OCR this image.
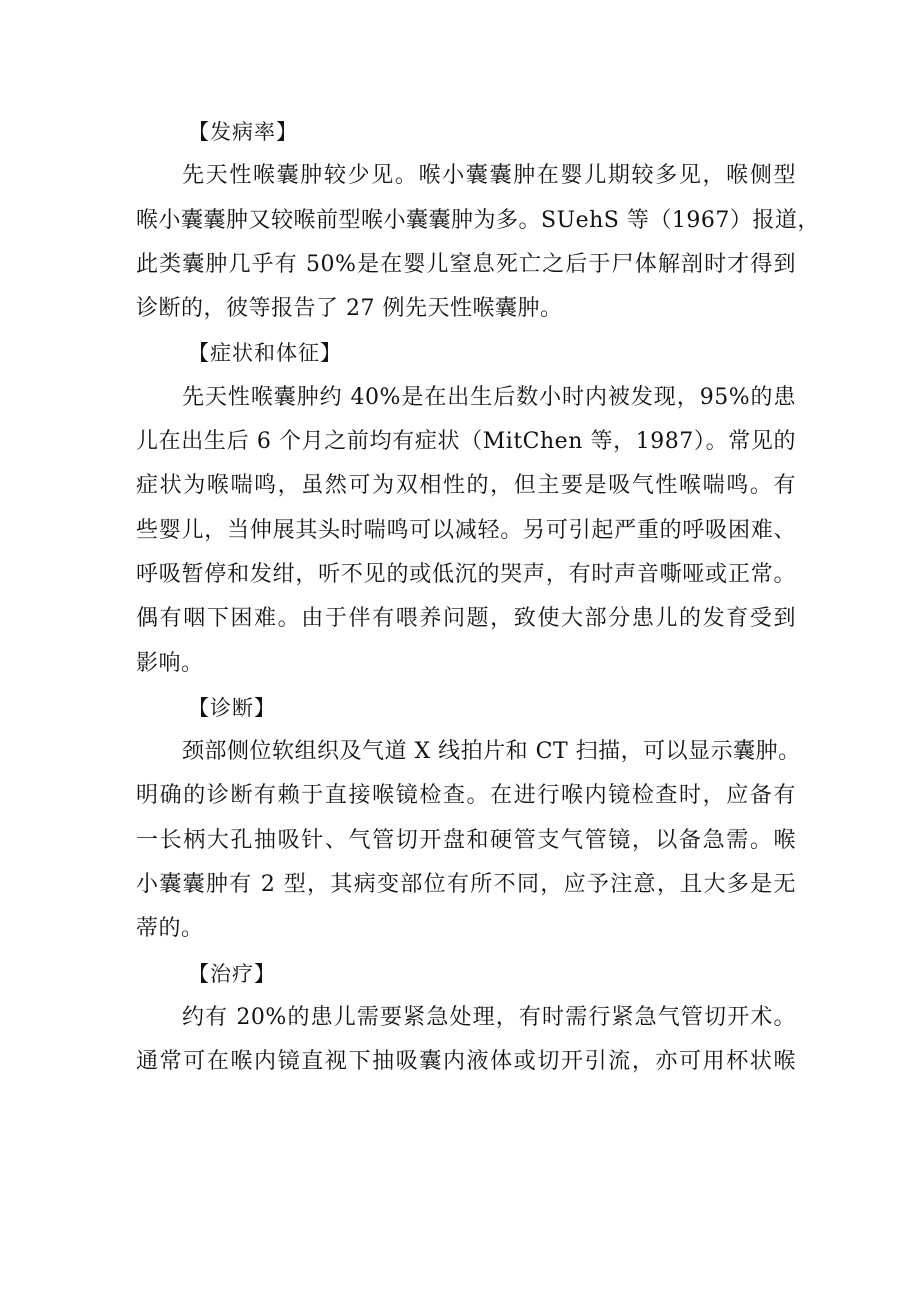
【发病率】
先天性喉囊肿较少见。喉小囊囊肿在婴儿期较多见，喉侧型
喉小囊囊肿又较喉前型喉小囊囊肿为多。SUehS 等（1967）报道，
此类囊肿几乎有 50%是在婴儿窒息死亡之后于尸体解剖时才得到
诊断的，彼等报告了 27 例先天性喉囊肿。
【症状和体征】
先天性喉囊肿约 40%是在出生后数小时内被发现，95%的患
儿在出生后 6 个月之前均有症状（MitChen 等，1987）。常见的
症状为喉喘鸣，虽然可为双相性的，但主要是吸气性喉喘鸣。有
些婴儿，当伸展其头时喘鸣可以减轻。另可引起严重的呼吸困难、
呼吸暂停和发绀，听不见的或低沉的哭声，有时声音嘶哑或正常。
偶有咽下困难。由于伴有喂养问题，致使大部分患儿的发育受到
影响。
【诊断】
颈部侧位软组织及气道 X 线拍片和 CT 扫描，可以显示囊肿。
明确的诊断有赖于直接喉镜检查。在进行喉内镜检查时，应备有
一长柄大孔抽吸针、气管切开盘和硬管支气管镜，以备急需。喉
小囊囊肿有 2 型，其病变部位有所不同，应予注意，且大多是无
蒂的。
【治疗】
约有 20%的患儿需要紧急处理，有时需行紧急气管切开术。
通常可在喉内镜直视下抽吸囊内液体或切开引流，亦可用杯状喉
